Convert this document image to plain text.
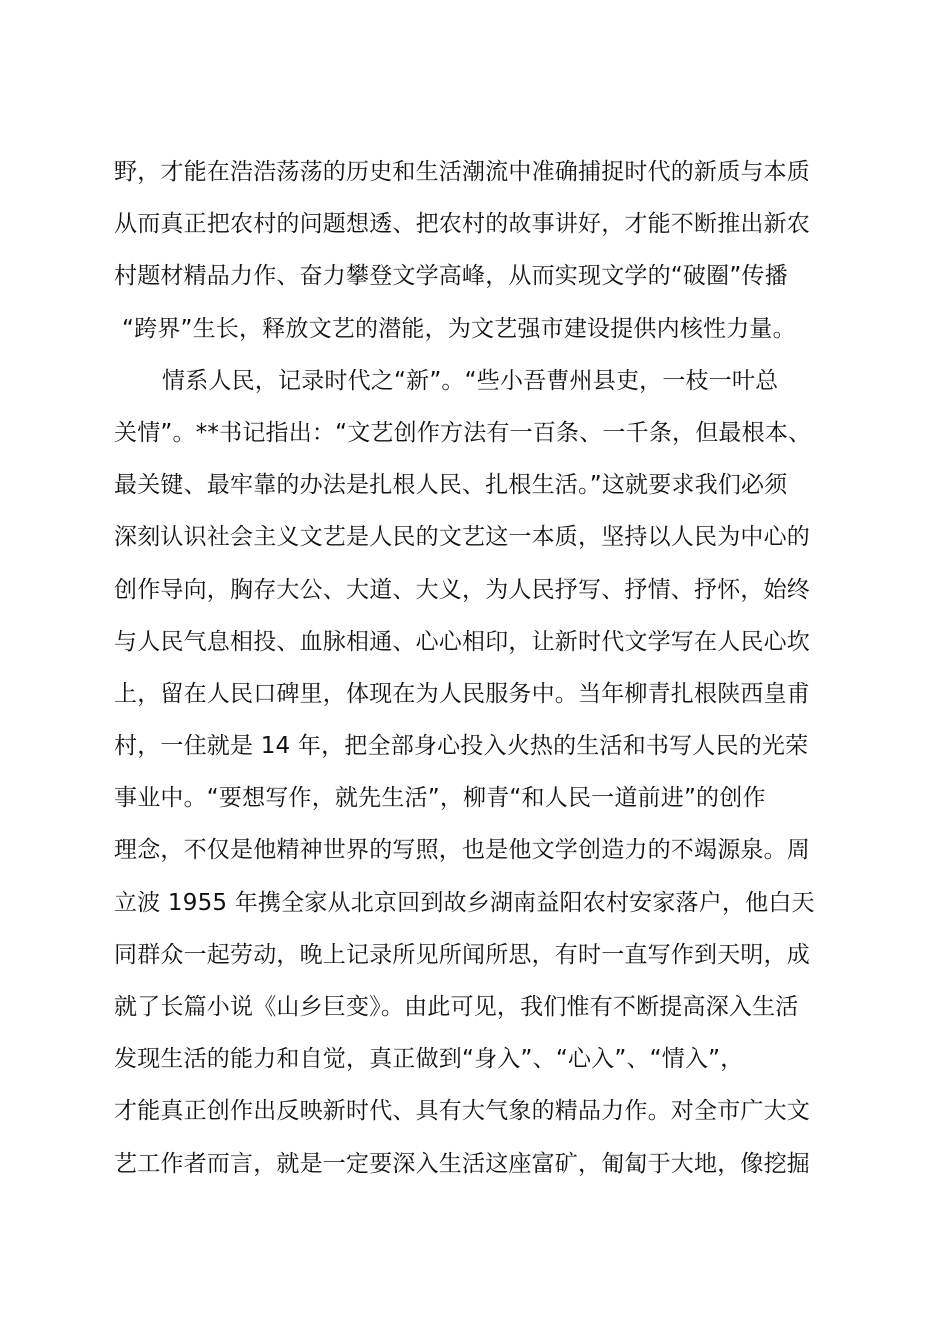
野，才能在浩浩荡荡的历史和生活潮流中准确捕捉时代的新质与本质
从而真正把农村的问题想透、把农村的故事讲好，才能不断推出新农
村题材精品力作、奋力攀登文学高峰，从而实现文学的“破圈”传播
“跨界”生长，释放文艺的潜能，为文艺强市建设提供内核性力量。
情系人民，记录时代之“新”。“些小吾曹州县吏，一枝一叶总
关情”。**书记指出：“文艺创作方法有一百条、一千条，但最根本、
最关键、最牢靠的办法是扎根人民、扎根生活。”这就要求我们必须
深刻认识社会主义文艺是人民的文艺这一本质，坚持以人民为中心的
创作导向，胸存大公、大道、大义，为人民抒写、抒情、抒怀，始终
与人民气息相投、血脉相通、心心相印，让新时代文学写在人民心坎
上，留在人民口碑里，体现在为人民服务中。当年柳青扎根陕西皇甫
村，一住就是 14 年，把全部身心投入火热的生活和书写人民的光荣
事业中。“要想写作，就先生活”，柳青“和人民一道前进”的创作
理念，不仅是他精神世界的写照，也是他文学创造力的不竭源泉。周
立波 1955 年携全家从北京回到故乡湖南益阳农村安家落户，他白天
同群众一起劳动，晚上记录所见所闻所思，有时一直写作到天明，成
就了长篇小说《山乡巨变》。由此可见，我们惟有不断提高深入生活
发现生活的能力和自觉，真正做到“身入”、“心入”、“情入”，
才能真正创作出反映新时代、具有大气象的精品力作。对全市广大文
艺工作者而言，就是一定要深入生活这座富矿，匍匐于大地，像挖掘
